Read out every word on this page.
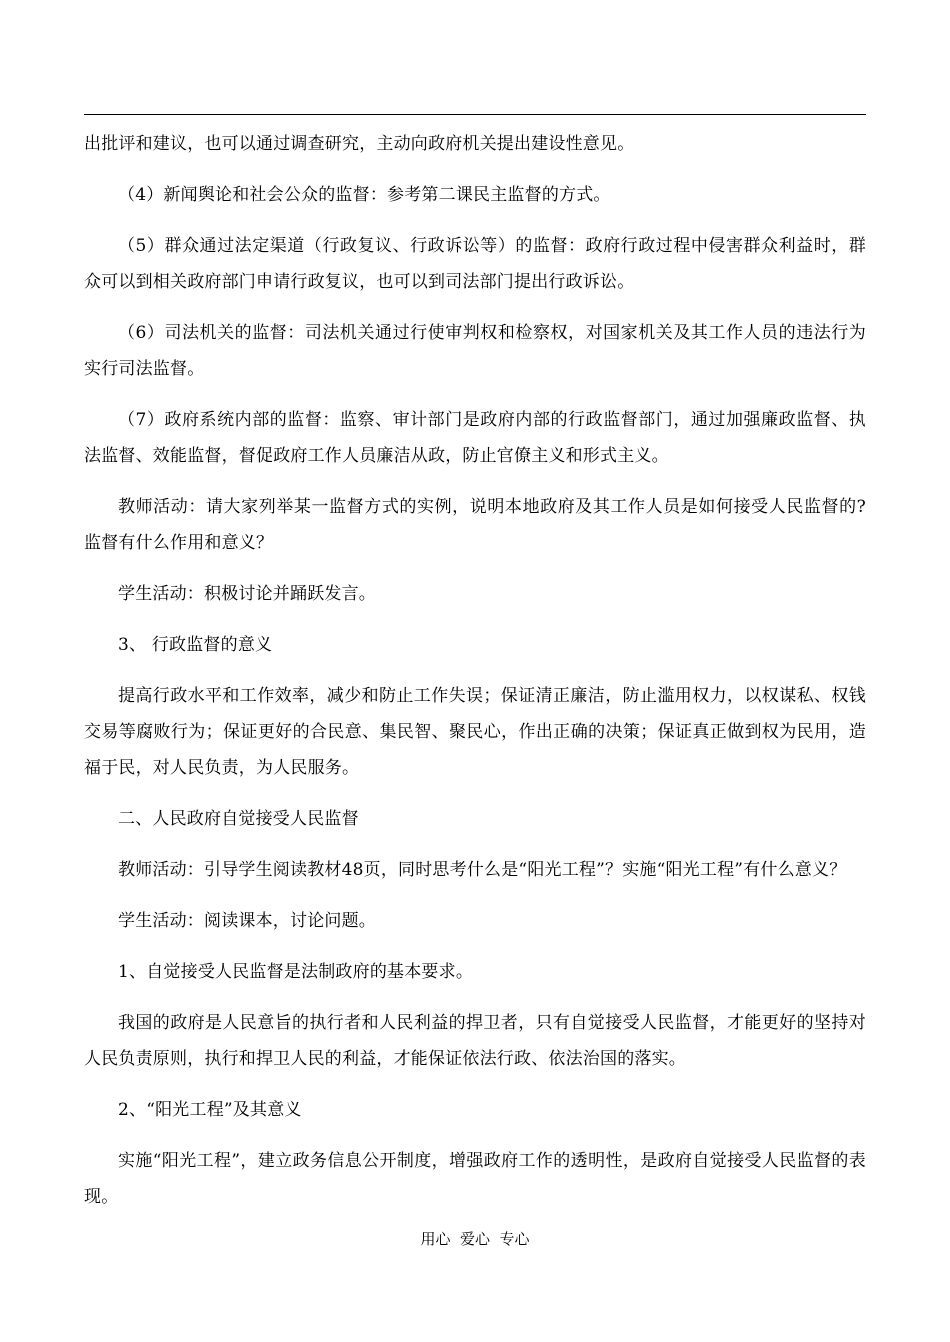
出批评和建议，也可以通过调查研究，主动向政府机关提出建设性意见。

（4）新闻舆论和社会公众的监督：参考第二课民主监督的方式。

（5）群众通过法定渠道（行政复议、行政诉讼等）的监督：政府行政过程中侵害群众利益时，群众可以到相关政府部门申请行政复议，也可以到司法部门提出行政诉讼。

（6）司法机关的监督：司法机关通过行使审判权和检察权，对国家机关及其工作人员的违法行为实行司法监督。

（7）政府系统内部的监督：监察、审计部门是政府内部的行政监督部门，通过加强廉政监督、执法监督、效能监督，督促政府工作人员廉洁从政，防止官僚主义和形式主义。

教师活动：请大家列举某一监督方式的实例，说明本地政府及其工作人员是如何接受人民监督的?监督有什么作用和意义？

学生活动：积极讨论并踊跃发言。

3、 行政监督的意义

提高行政水平和工作效率，减少和防止工作失误；保证清正廉洁，防止滥用权力，以权谋私、权钱交易等腐败行为；保证更好的合民意、集民智、聚民心，作出正确的决策；保证真正做到权为民用，造福于民，对人民负责，为人民服务。

二、人民政府自觉接受人民监督

教师活动：引导学生阅读教材48页，同时思考什么是“阳光工程”？实施“阳光工程”有什么意义？

学生活动：阅读课本，讨论问题。

1、自觉接受人民监督是法制政府的基本要求。

我国的政府是人民意旨的执行者和人民利益的捍卫者，只有自觉接受人民监督，才能更好的坚持对人民负责原则，执行和捍卫人民的利益，才能保证依法行政、依法治国的落实。

2、“阳光工程”及其意义

实施“阳光工程”，建立政务信息公开制度，增强政府工作的透明性，是政府自觉接受人民监督的表现。

用心  爱心  专心
